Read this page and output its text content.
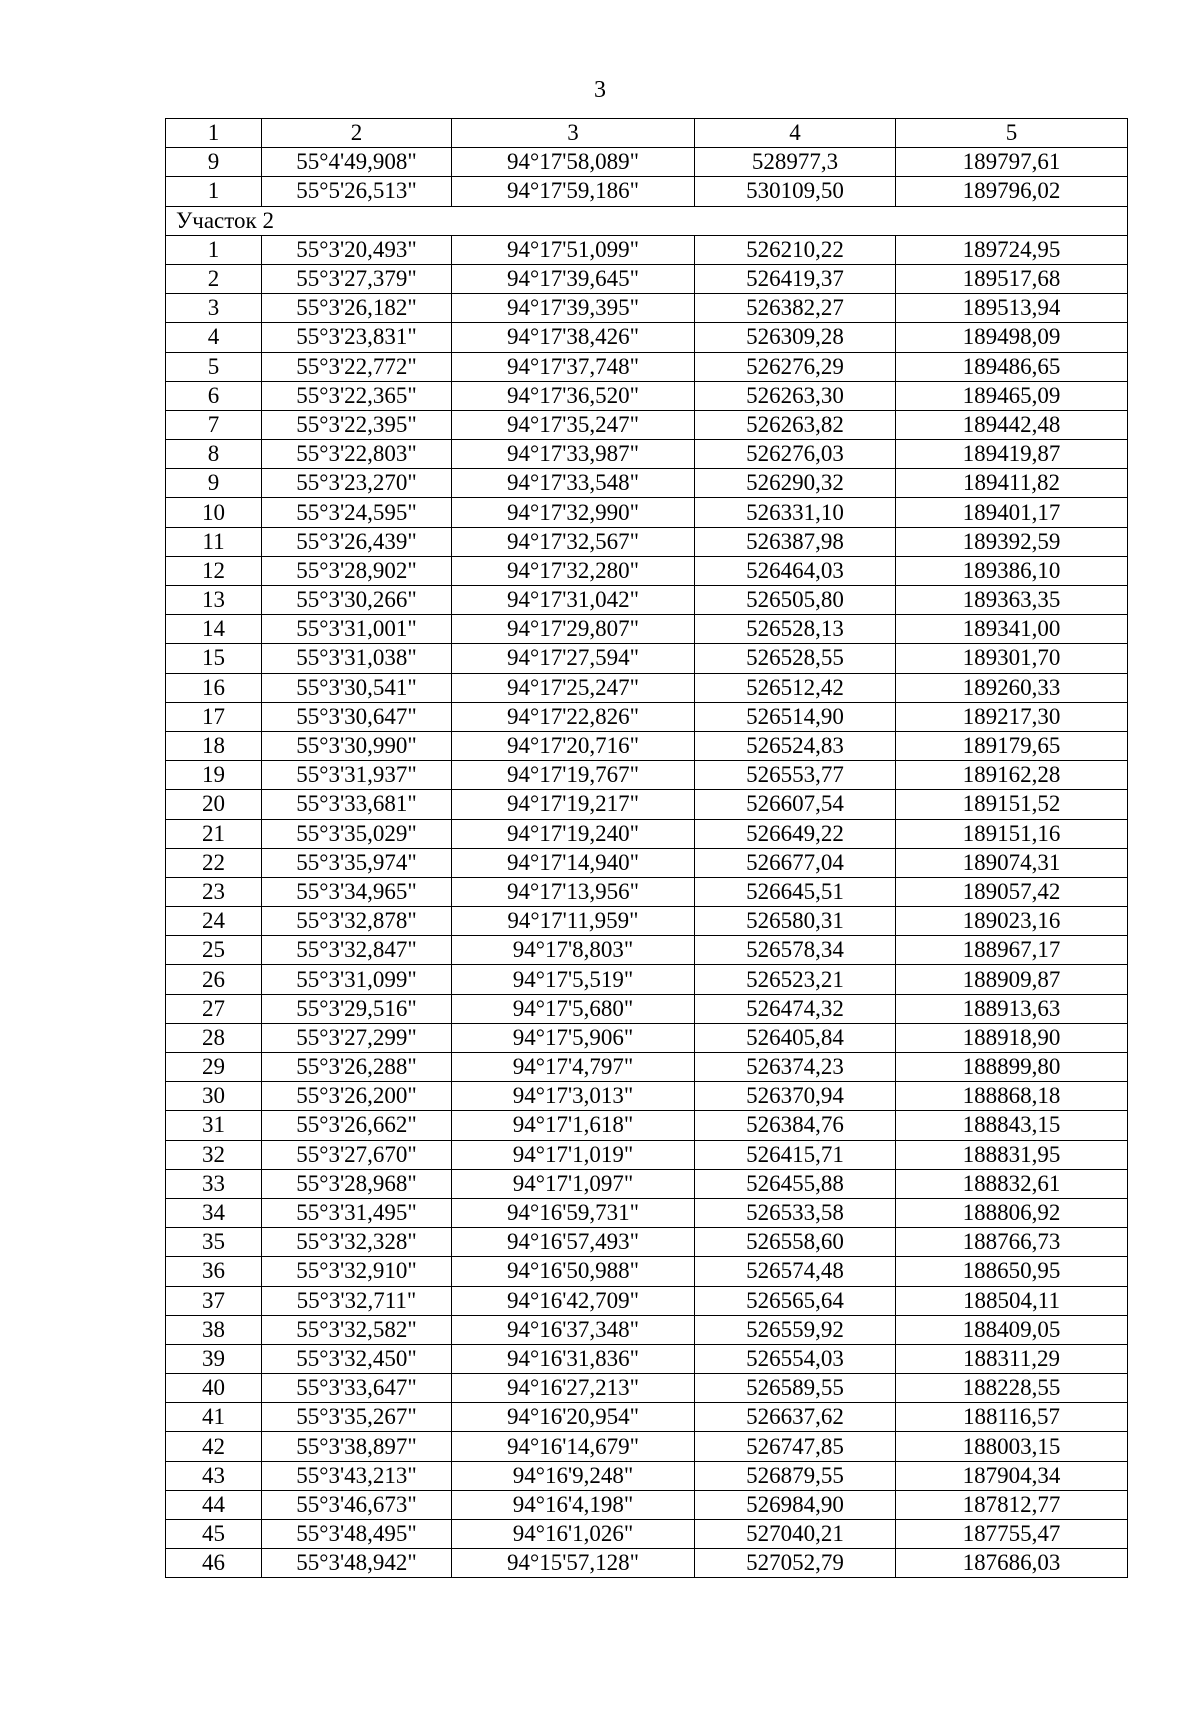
3
1	2	3	4	5
9	55°4'49,908"	94°17'58,089"	528977,3	189797,61
1	55°5'26,513"	94°17'59,186"	530109,50	189796,02
Участок 2				
1	55°3'20,493"	94°17'51,099"	526210,22	189724,95
2	55°3'27,379"	94°17'39,645"	526419,37	189517,68
3	55°3'26,182"	94°17'39,395"	526382,27	189513,94
4	55°3'23,831"	94°17'38,426"	526309,28	189498,09
5	55°3'22,772"	94°17'37,748"	526276,29	189486,65
6	55°3'22,365"	94°17'36,520"	526263,30	189465,09
7	55°3'22,395"	94°17'35,247"	526263,82	189442,48
8	55°3'22,803"	94°17'33,987"	526276,03	189419,87
9	55°3'23,270"	94°17'33,548"	526290,32	189411,82
10	55°3'24,595"	94°17'32,990"	526331,10	189401,17
11	55°3'26,439"	94°17'32,567"	526387,98	189392,59
12	55°3'28,902"	94°17'32,280"	526464,03	189386,10
13	55°3'30,266"	94°17'31,042"	526505,80	189363,35
14	55°3'31,001"	94°17'29,807"	526528,13	189341,00
15	55°3'31,038"	94°17'27,594"	526528,55	189301,70
16	55°3'30,541"	94°17'25,247"	526512,42	189260,33
17	55°3'30,647"	94°17'22,826"	526514,90	189217,30
18	55°3'30,990"	94°17'20,716"	526524,83	189179,65
19	55°3'31,937"	94°17'19,767"	526553,77	189162,28
20	55°3'33,681"	94°17'19,217"	526607,54	189151,52
21	55°3'35,029"	94°17'19,240"	526649,22	189151,16
22	55°3'35,974"	94°17'14,940"	526677,04	189074,31
23	55°3'34,965"	94°17'13,956"	526645,51	189057,42
24	55°3'32,878"	94°17'11,959"	526580,31	189023,16
25	55°3'32,847"	94°17'8,803"	526578,34	188967,17
26	55°3'31,099"	94°17'5,519"	526523,21	188909,87
27	55°3'29,516"	94°17'5,680"	526474,32	188913,63
28	55°3'27,299"	94°17'5,906"	526405,84	188918,90
29	55°3'26,288"	94°17'4,797"	526374,23	188899,80
30	55°3'26,200"	94°17'3,013"	526370,94	188868,18
31	55°3'26,662"	94°17'1,618"	526384,76	188843,15
32	55°3'27,670"	94°17'1,019"	526415,71	188831,95
33	55°3'28,968"	94°17'1,097"	526455,88	188832,61
34	55°3'31,495"	94°16'59,731"	526533,58	188806,92
35	55°3'32,328"	94°16'57,493"	526558,60	188766,73
36	55°3'32,910"	94°16'50,988"	526574,48	188650,95
37	55°3'32,711"	94°16'42,709"	526565,64	188504,11
38	55°3'32,582"	94°16'37,348"	526559,92	188409,05
39	55°3'32,450"	94°16'31,836"	526554,03	188311,29
40	55°3'33,647"	94°16'27,213"	526589,55	188228,55
41	55°3'35,267"	94°16'20,954"	526637,62	188116,57
42	55°3'38,897"	94°16'14,679"	526747,85	188003,15
43	55°3'43,213"	94°16'9,248"	526879,55	187904,34
44	55°3'46,673"	94°16'4,198"	526984,90	187812,77
45	55°3'48,495"	94°16'1,026"	527040,21	187755,47
46	55°3'48,942"	94°15'57,128"	527052,79	187686,03
